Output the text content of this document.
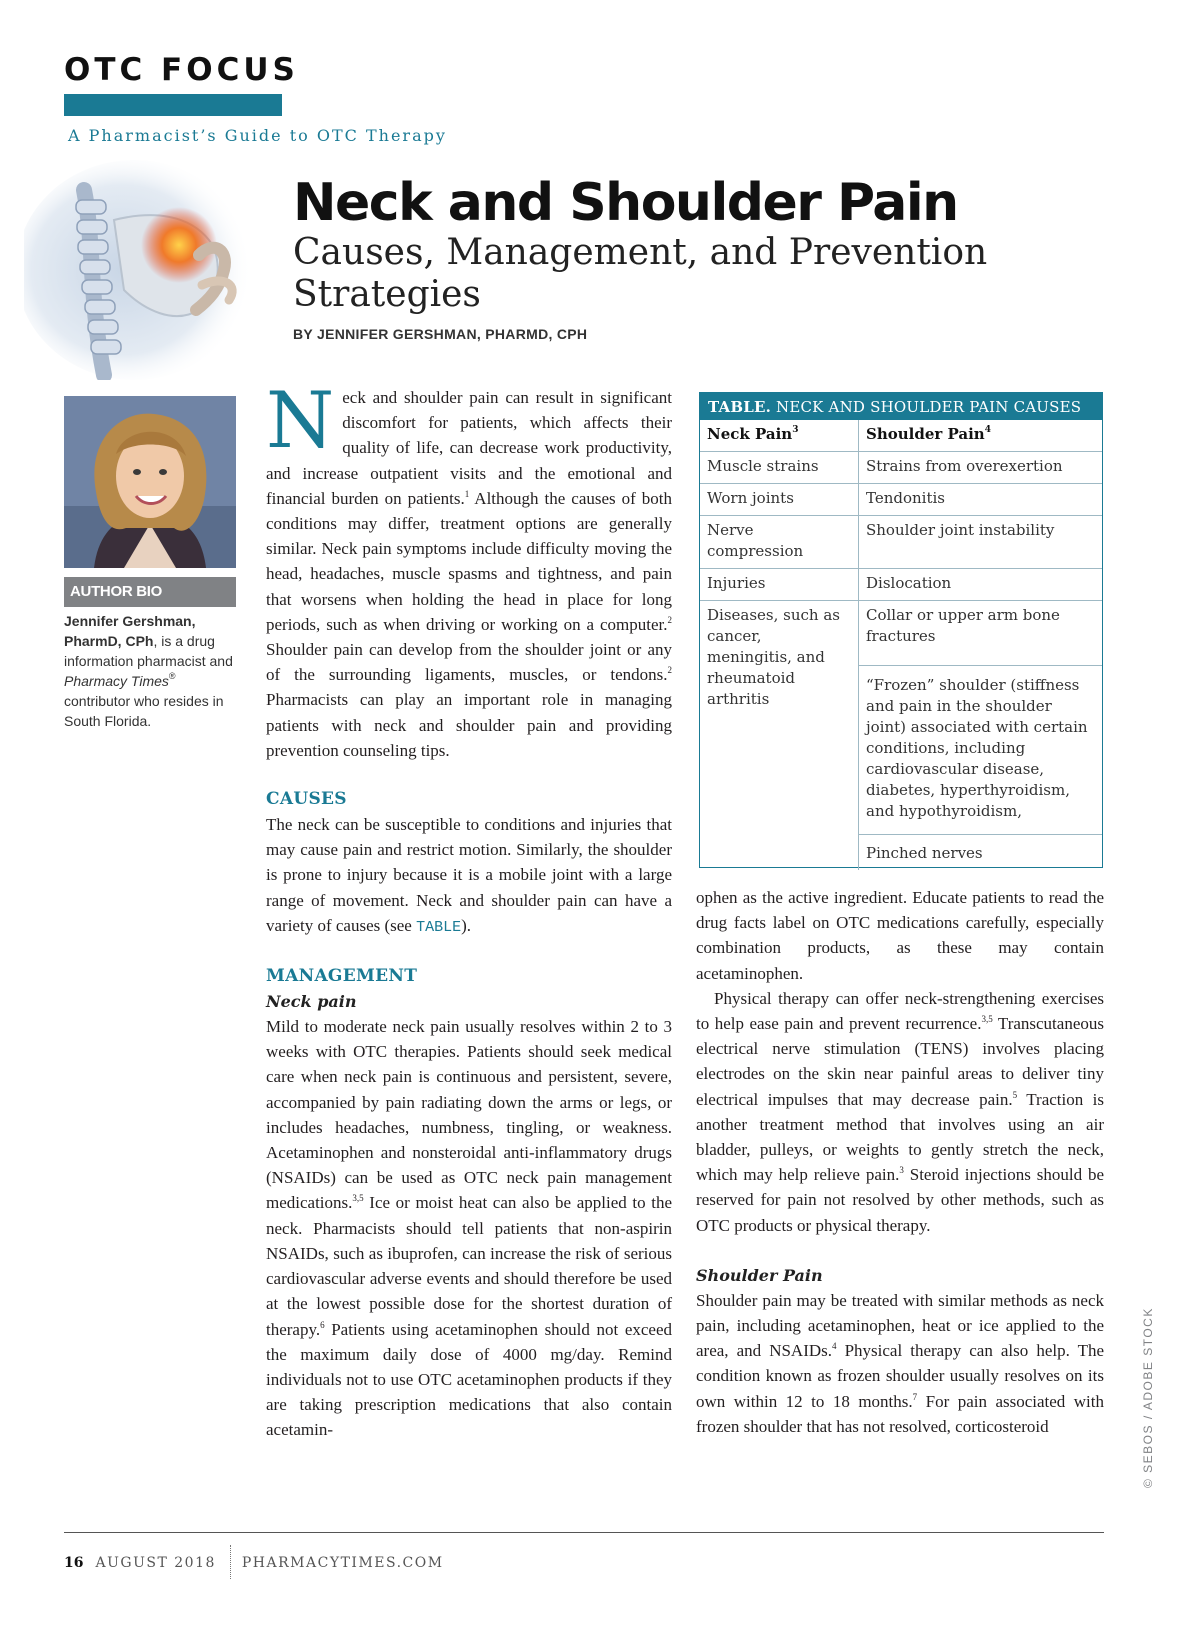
OTC FOCUS
A Pharmacist’s Guide to OTC Therapy
Neck and Shoulder Pain
Causes, Management, and Prevention Strategies
BY JENNIFER GERSHMAN, PHARMD, CPH
AUTHOR BIO

Jennifer Gershman, PharmD, CPh, is a drug information pharmacist and Pharmacy Times® contributor who resides in South Florida.

Neck and shoulder pain can result in significant discomfort for patients, which affects their quality of life, can decrease work productivity, and increase outpatient visits and the emotional and financial burden on patients.$^1$ Although the causes of both conditions may differ, treatment options are generally similar. Neck pain symptoms include difficulty moving the head, headaches, muscle spasms and tightness, and pain that worsens when holding the head in place for long periods, such as when driving or working on a computer.$^2$ Shoulder pain can develop from the shoulder joint or any of the surrounding ligaments, muscles, or tendons.$^2$ Pharmacists can play an important role in managing patients with neck and shoulder pain and providing prevention counseling tips.

CAUSES

The neck can be susceptible to conditions and injuries that may cause pain and restrict motion. Similarly, the shoulder is prone to injury because it is a mobile joint with a large range of movement. Neck and shoulder pain can have a variety of causes (see TABLE).

MANAGEMENT
Neck pain

Mild to moderate neck pain usually resolves within 2 to 3 weeks with OTC therapies. Patients should seek medical care when neck pain is continuous and persistent, severe, accompanied by pain radiating down the arms or legs, or includes headaches, numbness, tingling, or weakness. Acetaminophen and nonsteroidal anti-inflammatory drugs (NSAIDs) can be used as OTC neck pain management medications.$^{3,5}$ Ice or moist heat can also be applied to the neck. Pharmacists should tell patients that non-aspirin NSAIDs, such as ibuprofen, can increase the risk of serious cardiovascular adverse events and should therefore be used at the lowest possible dose for the shortest duration of therapy.$^6$ Patients using acetaminophen should not exceed the maximum daily dose of 4000 mg/day. Remind individuals not to use OTC acetaminophen products if they are taking prescription medications that also contain acetamin-

TABLE. NECK AND SHOULDER PAIN CAUSES
Neck Pain$^3$	Shoulder Pain$^4$
Muscle strains	Strains from overexertion
Worn joints	Tendonitis
Nerve compression	Shoulder joint instability
Injuries	Dislocation
Diseases, such as cancer, meningitis, and rheumatoid arthritis	Collar or upper arm bone fractures
	“Frozen” shoulder (stiffness and pain in the shoulder joint) associated with certain conditions, including cardiovascular disease, diabetes, hyperthyroidism, and hypothyroidism,
	Pinched nerves

ophen as the active ingredient. Educate patients to read the drug facts label on OTC medications carefully, especially combination products, as these may contain acetaminophen.

Physical therapy can offer neck-strengthening exercises to help ease pain and prevent recurrence.$^{3,5}$ Transcutaneous electrical nerve stimulation (TENS) involves placing electrodes on the skin near painful areas to deliver tiny electrical impulses that may decrease pain.$^5$ Traction is another treatment method that involves using an air bladder, pulleys, or weights to gently stretch the neck, which may help relieve pain.$^3$ Steroid injections should be reserved for pain not resolved by other methods, such as OTC products or physical therapy.

Shoulder Pain

Shoulder pain may be treated with similar methods as neck pain, including acetaminophen, heat or ice applied to the area, and NSAIDs.$^4$ Physical therapy can also help. The condition known as frozen shoulder usually resolves on its own within 12 to 18 months.$^7$ For pain associated with frozen shoulder that has not resolved, corticosteroid	© SEBOS / ADOBE STOCK
16 AUGUST 2018 PHARMACYTIMES.COM
